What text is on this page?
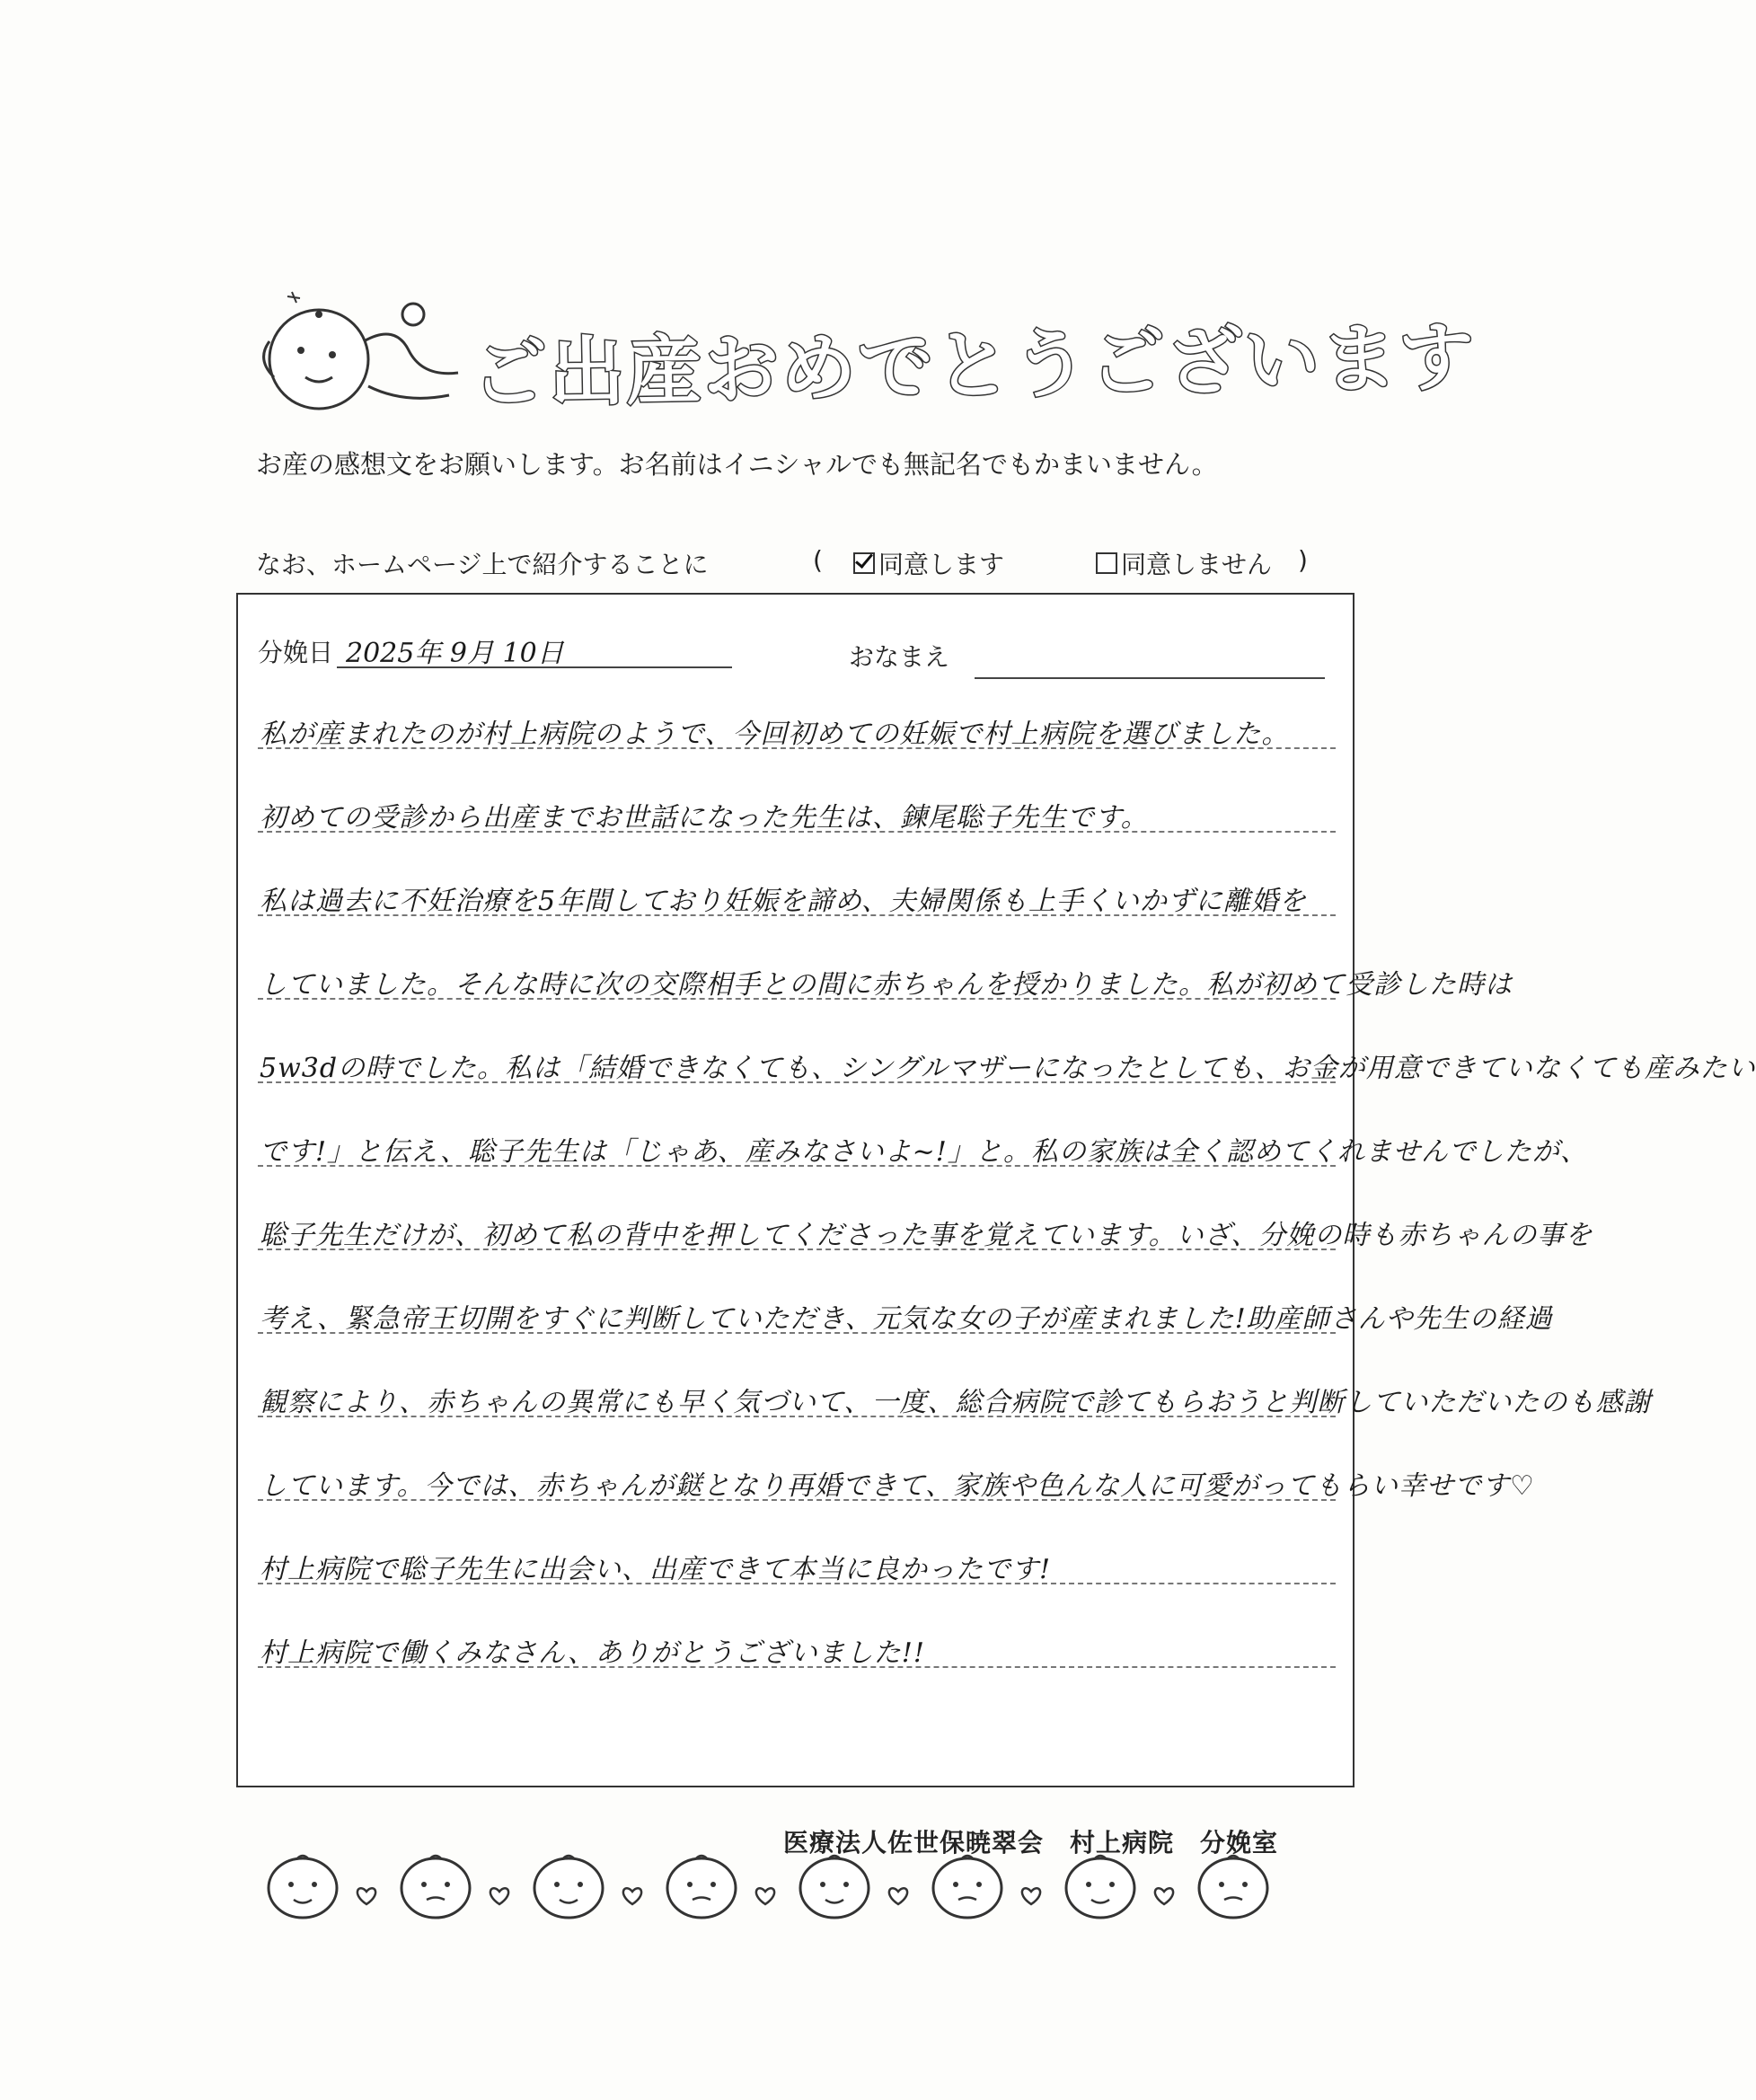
ご出産おめでとうございます
お産の感想文をお願いします。お名前はイニシャルでも無記名でもかまいません。
なお、ホームページ上で紹介することに	( 同意します	同意しません )
分娩日 2025年 9月 10日	おなまえ
私が産まれたのが村上病院のようで、今回初めての妊娠で村上病院を選びました。
初めての受診から出産までお世話になった先生は、鍊尾聡子先生です。
私は過去に不妊治療を5年間しており妊娠を諦め、夫婦関係も上手くいかずに離婚を
していました。そんな時に次の交際相手との間に赤ちゃんを授かりました。私が初めて受診した時は
5w3dの時でした。私は「結婚できなくても、シングルマザーになったとしても、お金が用意できていなくても産みたい
です!」と伝え、聡子先生は「じゃあ、産みなさいよ~!」と。私の家族は全く認めてくれませんでしたが、
聡子先生だけが、初めて私の背中を押してくださった事を覚えています。いざ、分娩の時も赤ちゃんの事を
考え、緊急帝王切開をすぐに判断していただき、元気な女の子が産まれました!助産師さんや先生の経過
観察により、赤ちゃんの異常にも早く気づいて、一度、総合病院で診てもらおうと判断していただいたのも感謝
しています。今では、赤ちゃんが鎹となり再婚できて、家族や色んな人に可愛がってもらい幸せです♡
村上病院で聡子先生に出会い、出産できて本当に良かったです!
村上病院で働くみなさん、ありがとうございました!!
医療法人佐世保暁翠会　村上病院　分娩室
